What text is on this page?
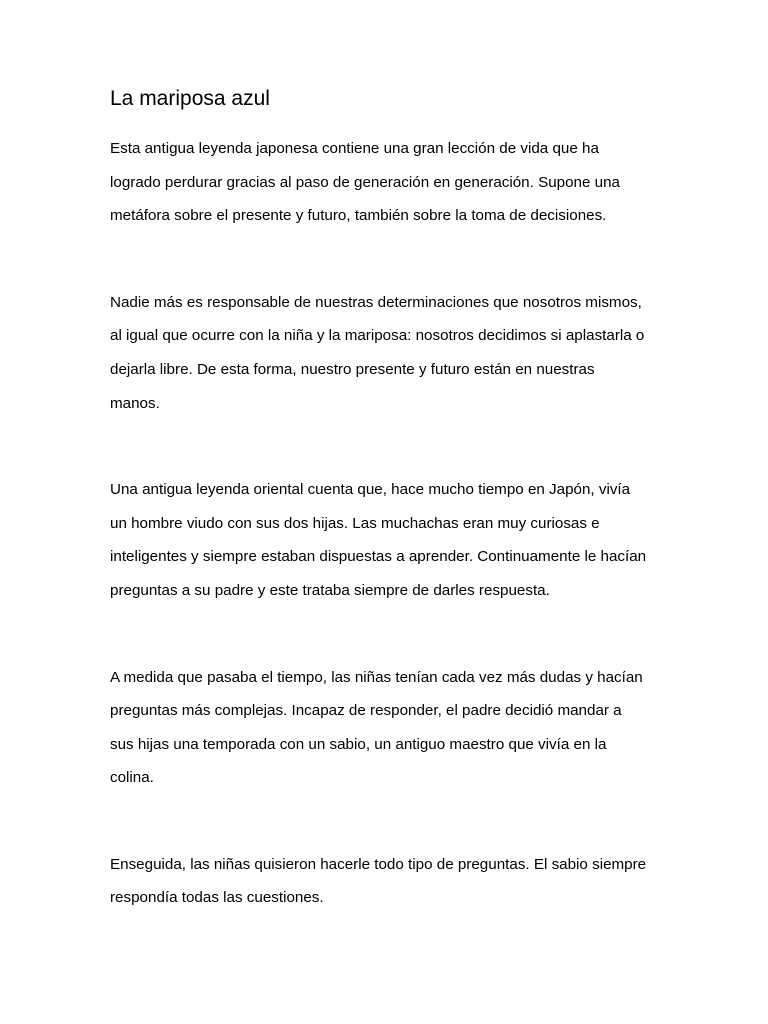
La mariposa azul

Esta antigua leyenda japonesa contiene una gran lección de vida que ha

logrado perdurar gracias al paso de generación en generación. Supone una

metáfora sobre el presente y futuro, también sobre la toma de decisiones.

Nadie más es responsable de nuestras determinaciones que nosotros mismos,

al igual que ocurre con la niña y la mariposa: nosotros decidimos si aplastarla o

dejarla libre. De esta forma, nuestro presente y futuro están en nuestras

manos.

Una antigua leyenda oriental cuenta que, hace mucho tiempo en Japón, vivía

un hombre viudo con sus dos hijas. Las muchachas eran muy curiosas e

inteligentes y siempre estaban dispuestas a aprender. Continuamente le hacían

preguntas a su padre y este trataba siempre de darles respuesta.

A medida que pasaba el tiempo, las niñas tenían cada vez más dudas y hacían

preguntas más complejas. Incapaz de responder, el padre decidió mandar a

sus hijas una temporada con un sabio, un antiguo maestro que vivía en la

colina.

Enseguida, las niñas quisieron hacerle todo tipo de preguntas. El sabio siempre

respondía todas las cuestiones.
